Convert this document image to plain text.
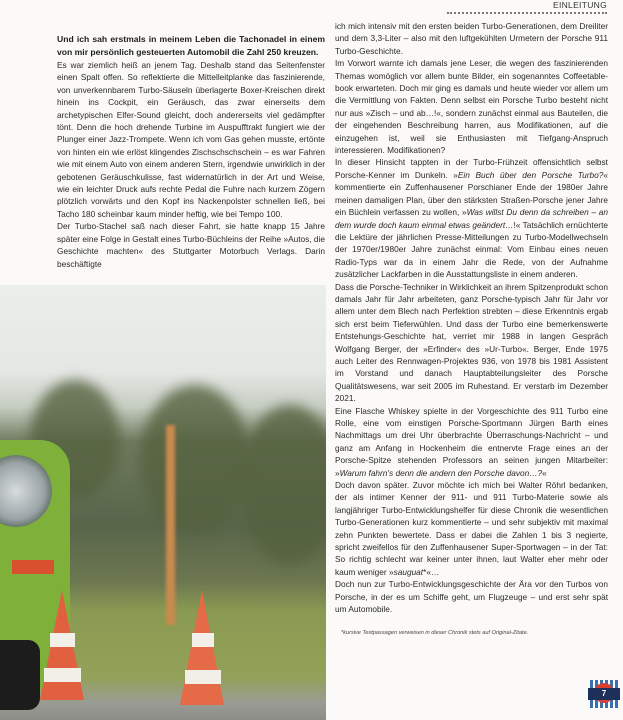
EINLEITUNG

Und ich sah erstmals in meinem Leben die Tachonadel in einem von mir persönlich gesteuerten Automobil die Zahl 250 kreuzen.

Es war ziemlich heiß an jenem Tag. Deshalb stand das Seitenfenster einen Spalt offen. So reflektierte die Mittelleitplanke das faszinierende, von unverkennbarem Turbo-Säuseln überlagerte Boxer-Kreischen direkt hinein ins Cockpit, ein Geräusch, das zwar einerseits dem archetypischen Elfer-Sound gleicht, doch andererseits viel gedämpfter tönt. Denn die hoch drehende Turbine im Auspufftrakt fungiert wie der Plunger einer Jazz-Trompete. Wenn ich vom Gas gehen musste, ertönte von hinten ein wie erlöst klingendes Zischschschschein – es war Fahren wie mit einem Auto von einem anderen Stern, irgendwie unwirklich in der gebotenen Geräuschkulisse, fast widernatürlich in der Art und Weise, wie ein leichter Druck aufs rechte Pedal die Fuhre nach kurzem Zögern plötzlich vorwärts und den Kopf ins Nackenpolster schnellen ließ, bei Tacho 180 scheinbar kaum minder heftig, wie bei Tempo 100.

Der Turbo-Stachel saß nach dieser Fahrt, sie hatte knapp 15 Jahre später eine Folge in Gestalt eines Turbo-Büchleins der Reihe »Autos, die Geschichte machten« des Stuttgarter Motorbuch Verlags. Darin beschäftigte

ich mich intensiv mit den ersten beiden Turbo-Generationen, dem Dreiliter und dem 3,3-Liter – also mit den luftgekühlten Urmetern der Porsche 911 Turbo-Geschichte.

Im Vorwort warnte ich damals jene Leser, die wegen des faszinierenden Themas womöglich vor allem bunte Bilder, ein sogenanntes Coffeetable-book erwarteten. Doch mir ging es damals und heute wieder vor allem um die Vermittlung von Fakten. Denn selbst ein Porsche Turbo besteht nicht nur aus »Zisch – und ab…!«, sondern zunächst einmal aus Bauteilen, die der eingehenden Beschreibung harren, aus Modifikationen, auf die einzugehen ist, weil sie Enthusiasten mit Tiefgang-Anspruch interessieren. Modifikationen?

In dieser Hinsicht tappten in der Turbo-Frühzeit offensichtlich selbst Porsche-Kenner im Dunkeln. »Ein Buch über den Porsche Turbo?« kommentierte ein Zuffenhausener Porschianer Ende der 1980er Jahre meinen damaligen Plan, über den stärksten Straßen-Porsche jener Jahre ein Büchlein verfassen zu wollen, »Was willst Du denn da schreiben – an dem wurde doch kaum einmal etwas geändert…!« Tatsächlich ernüchterte die Lektüre der jährlichen Presse-Mitteilungen zu Turbo-Modellwechseln der 1970er/1980er Jahre zunächst einmal: Vom Einbau eines neuen Radio-Typs war da in einem Jahr die Rede, von der Aufnahme zusätzlicher Lackfarben in die Ausstattungsliste in einem anderen.

Dass die Porsche-Techniker in Wirklichkeit an ihrem Spitzenprodukt schon damals Jahr für Jahr arbeiteten, ganz Porsche-typisch Jahr für Jahr vor allem unter dem Blech nach Perfektion strebten – diese Erkenntnis ergab sich erst beim Tieferwühlen. Und dass der Turbo eine bemerkenswerte Entstehungs-Geschichte hat, verriet mir 1988 in langen Gespräch Wolfgang Berger, der »Erfinder« des »Ur-Turbo«. Berger, Ende 1975 auch Leiter des Rennwagen-Projektes 936, von 1978 bis 1981 Assistent im Vorstand und danach Hauptabteilungsleiter des Porsche Qualitätswesens, war seit 2005 im Ruhestand. Er verstarb im Dezember 2021.

Eine Flasche Whiskey spielte in der Vorgeschichte des 911 Turbo eine Rolle, eine vom einstigen Porsche-Sportmann Jürgen Barth eines Nachmittags um drei Uhr überbrachte Überraschungs-Nachricht – und ganz am Anfang in Hockenheim die entnervte Frage eines an der Porsche-Spitze stehenden Professors an seinen jungen Mitarbeiter: »Warum fahrn's denn die andern den Porsche davon…?«

Doch davon später. Zuvor möchte ich mich bei Walter Röhrl bedanken, der als intimer Kenner der 911- und 911 Turbo-Materie sowie als langjähriger Turbo-Entwicklungshelfer für diese Chronik die wesentlichen Turbo-Generationen kurz kommentierte – und sehr subjektiv mit maximal zehn Punkten bewertete. Dass er dabei die Zahlen 1 bis 3 negierte, spricht zweifellos für den Zuffenhausener Super-Sportwagen – in der Tat: So richtig schlecht war keiner unter ihnen, laut Walter eher mehr oder kaum weniger »sauguat*«…

Doch nun zur Turbo-Entwicklungsgeschichte der Ära vor den Turbos von Porsche, in der es um Schiffe geht, um Flugzeuge – und erst sehr spät um Automobile.

*kursive Textpassagen verweisen in dieser Chronik stets auf Original-Zitate.
7
